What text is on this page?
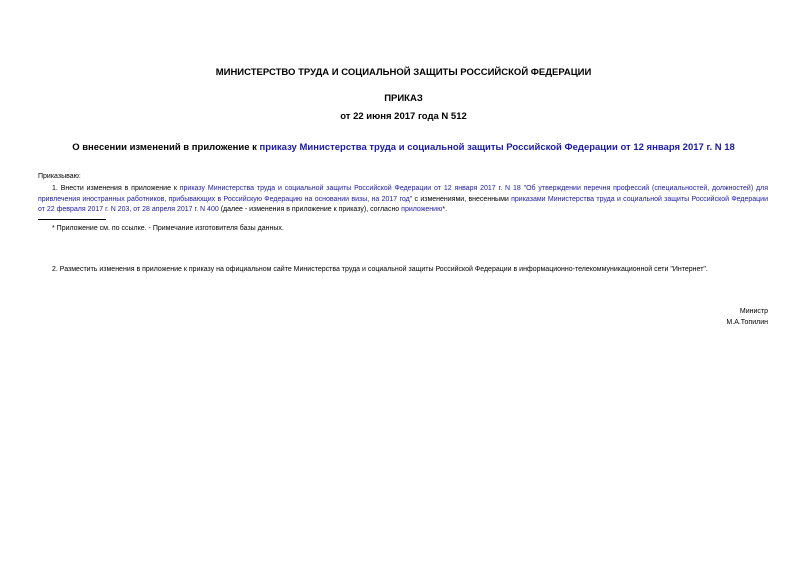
МИНИСТЕРСТВО ТРУДА И СОЦИАЛЬНОЙ ЗАЩИТЫ РОССИЙСКОЙ ФЕДЕРАЦИИ
ПРИКАЗ
от 22 июня 2017 года N 512
О внесении изменений в приложение к приказу Министерства труда и социальной защиты Российской Федерации от 12 января 2017 г. N 18
Приказываю:
1. Внести изменения в приложение к приказу Министерства труда и социальной защиты Российской Федерации от 12 января 2017 г. N 18 "Об утверждении перечня профессий (специальностей, должностей) для привлечения иностранных работников, прибывающих в Российскую Федерацию на основании визы, на 2017 год" с изменениями, внесенными приказами Министерства труда и социальной защиты Российской Федерации от 22 февраля 2017 г. N 203, от 28 апреля 2017 г. N 400 (далее - изменения в приложение к приказу), согласно приложению*.
* Приложение см. по ссылке. - Примечание изготовителя базы данных.
2. Разместить изменения в приложение к приказу на официальном сайте Министерства труда и социальной защиты Российской Федерации в информационно-телекоммуникационной сети "Интернет".
Министр
М.А.Топилин
